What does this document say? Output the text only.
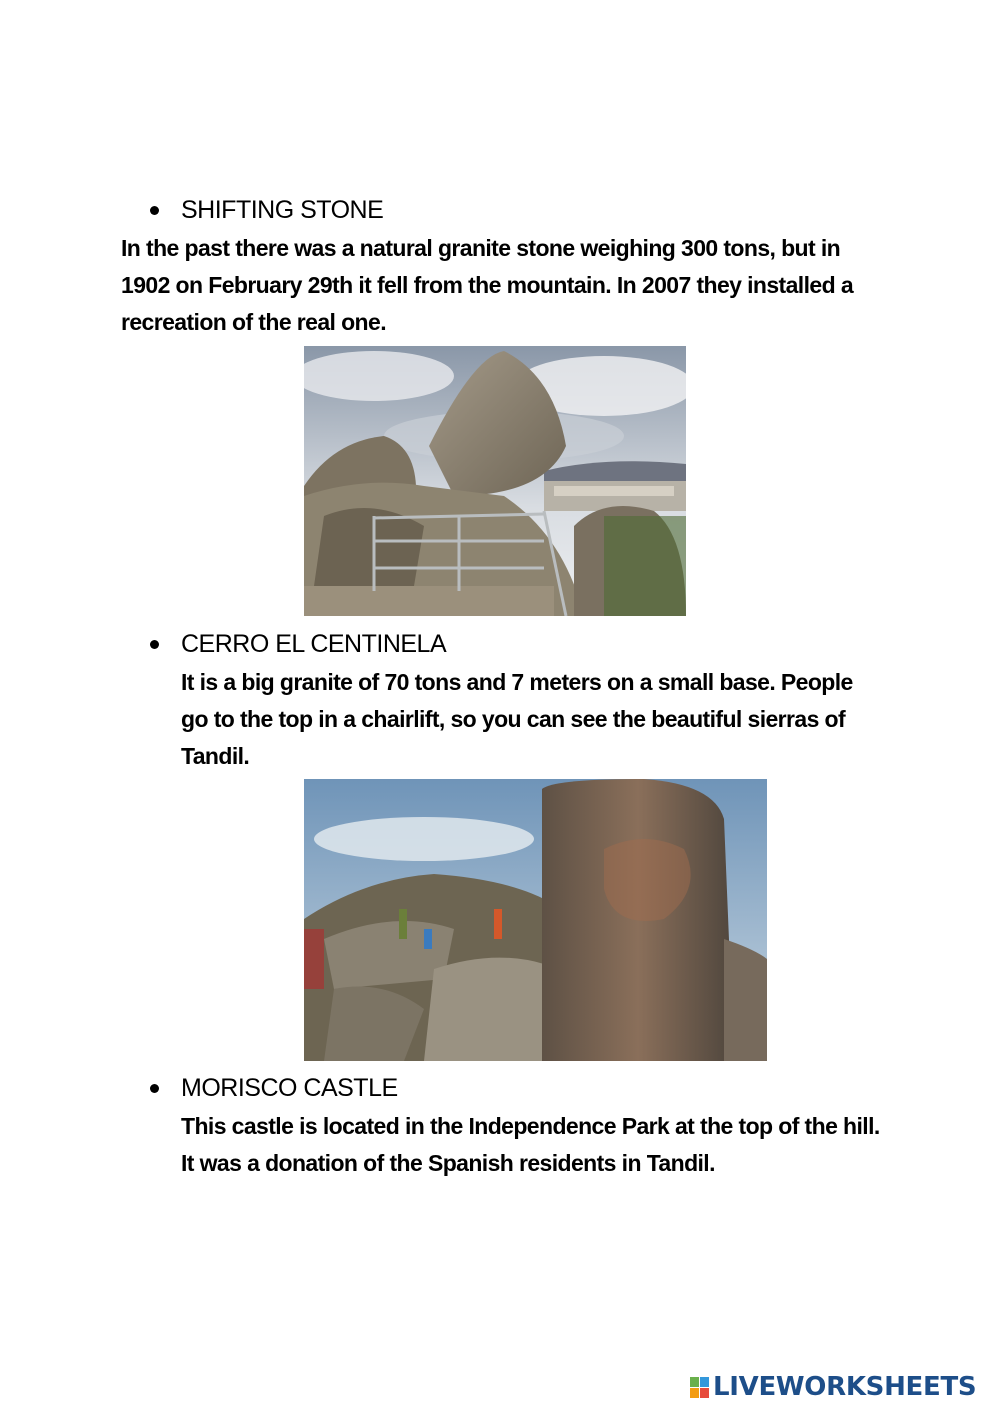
SHIFTING STONE

In the past there was a natural granite stone weighing 300 tons, but in 1902 on February 29th it fell from the mountain. In 2007 they installed a recreation of the real one.

CERRO EL CENTINELA

It is a big granite of 70 tons and 7 meters on a small base. People go to the top in a chairlift, so you can see the beautiful sierras of Tandil.

MORISCO CASTLE

This castle is located in the Independence Park at the top of the hill. It was a donation of the Spanish residents in Tandil.

LIVEWORKSHEETS
